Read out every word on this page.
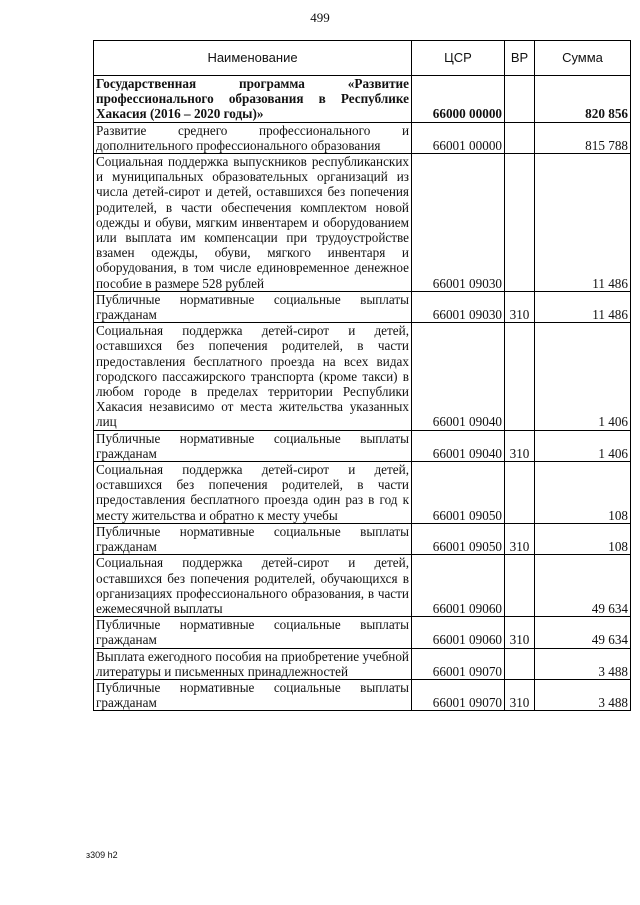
499
Наименование	ЦСР	ВР	Сумма
Государственная программа «Развитие профессионального образования в Республике Хакасия (2016 – 2020 годы)»	66000 00000		820 856
Развитие среднего профессионального и дополнительного профессионального образования	66001 00000		815 788
Социальная поддержка выпускников республиканских и муниципальных образовательных организаций из числа детей-сирот и детей, оставшихся без попечения родителей, в части обеспечения комплектом новой одежды и обуви, мягким инвентарем и оборудованием или выплата им компенсации при трудоустройстве взамен одежды, обуви, мягкого инвентаря и оборудования, в том числе единовременное денежное пособие в размере 528 рублей	66001 09030		11 486
Публичные нормативные социальные выплаты гражданам	66001 09030	310	11 486
Социальная поддержка детей-сирот и детей, оставшихся без попечения родителей, в части предоставления бесплатного проезда на всех видах городского пассажирского транспорта (кроме такси) в любом городе в пределах территории Республики Хакасия независимо от места жительства указанных лиц	66001 09040		1 406
Публичные нормативные социальные выплаты гражданам	66001 09040	310	1 406
Социальная поддержка детей-сирот и детей, оставшихся без попечения родителей, в части предоставления бесплатного проезда один раз в год к месту жительства и обратно к месту учебы	66001 09050		108
Публичные нормативные социальные выплаты гражданам	66001 09050	310	108
Социальная поддержка детей-сирот и детей, оставшихся без попечения родителей, обучающихся в организациях профессионального образования, в части ежемесячной выплаты	66001 09060		49 634
Публичные нормативные социальные выплаты гражданам	66001 09060	310	49 634
Выплата ежегодного пособия на приобретение учебной литературы и письменных принадлежностей	66001 09070		3 488
Публичные нормативные социальные выплаты гражданам	66001 09070	310	3 488
з309 h2
